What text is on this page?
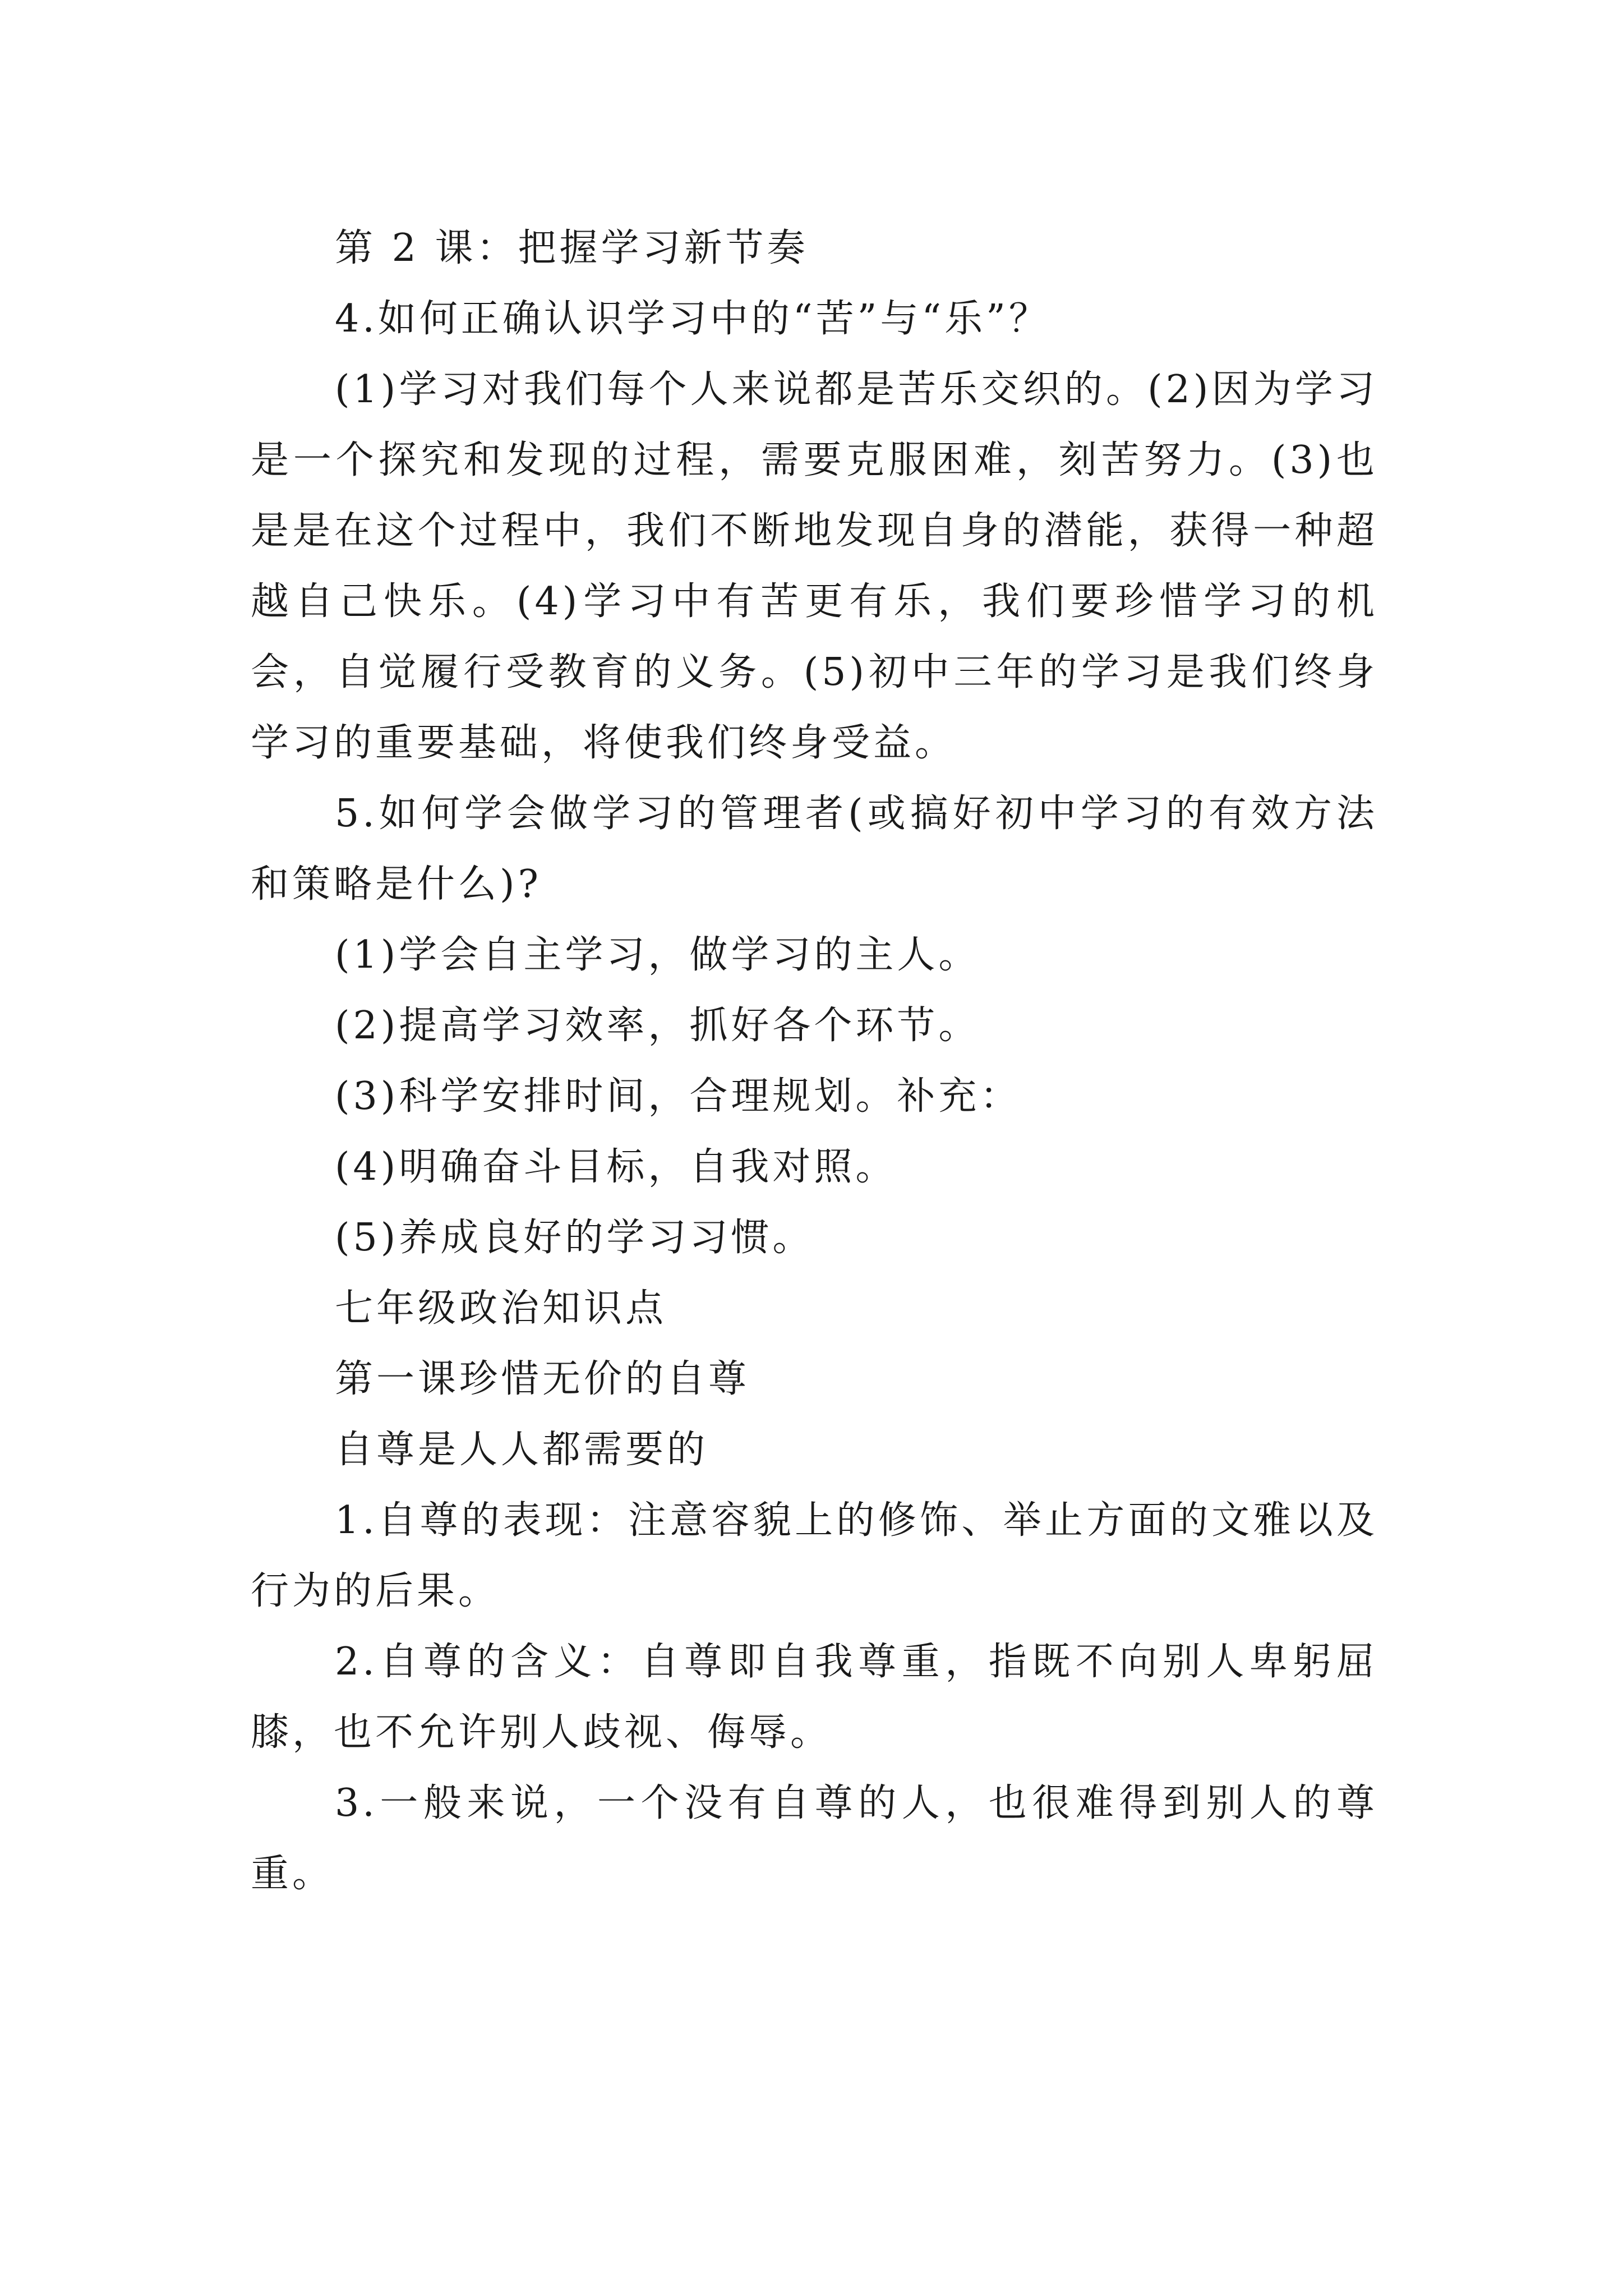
第 2 课：把握学习新节奏

4.如何正确认识学习中的“苦”与“乐”？

(1)学习对我们每个人来说都是苦乐交织的。(2)因为学习是一个探究和发现的过程，需要克服困难，刻苦努力。(3)也是是在这个过程中，我们不断地发现自身的潜能，获得一种超越自己快乐。(4)学习中有苦更有乐，我们要珍惜学习的机会，自觉履行受教育的义务。(5)初中三年的学习是我们终身学习的重要基础，将使我们终身受益。

5.如何学会做学习的管理者(或搞好初中学习的有效方法和策略是什么)?

(1)学会自主学习，做学习的主人。

(2)提高学习效率，抓好各个环节。

(3)科学安排时间，合理规划。补充：

(4)明确奋斗目标，自我对照。

(5)养成良好的学习习惯。

七年级政治知识点

第一课珍惜无价的自尊

自尊是人人都需要的

1.自尊的表现：注意容貌上的修饰、举止方面的文雅以及行为的后果。

2.自尊的含义：自尊即自我尊重，指既不向别人卑躬屈膝，也不允许别人歧视、侮辱。

3.一般来说，一个没有自尊的人，也很难得到别人的尊重。
